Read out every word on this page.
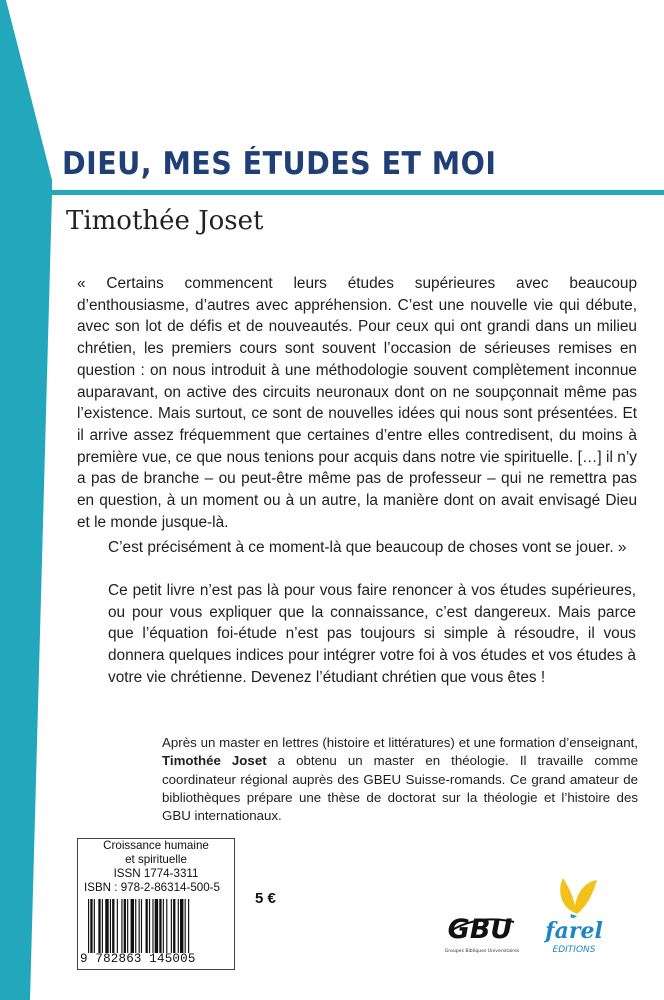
DIEU, MES ÉTUDES ET MOI
Timothée Joset

« Certains commencent leurs études supérieures avec beaucoup d’enthousiasme, d’autres avec appréhension. C’est une nouvelle vie qui débute, avec son lot de défis et de nouveautés. Pour ceux qui ont grandi dans un milieu chrétien, les premiers cours sont souvent l’occasion de sérieuses remises en question : on nous introduit à une méthodologie souvent complètement inconnue auparavant, on active des circuits neuronaux dont on ne soupçonnait même pas l’existence. Mais surtout, ce sont de nouvelles idées qui nous sont présentées. Et il arrive assez fréquemment que certaines d’entre elles contredisent, du moins à première vue, ce que nous tenions pour acquis dans notre vie spirituelle. […] il n’y a pas de branche – ou peut-être même pas de professeur – qui ne remettra pas en question, à un moment ou à un autre, la manière dont on avait envisagé Dieu et le monde jusque-là.

C’est précisément à ce moment-là que beaucoup de choses vont se jouer. »

Ce petit livre n’est pas là pour vous faire renoncer à vos études supérieures, ou pour vous expliquer que la connaissance, c’est dangereux. Mais parce que l’équation foi-étude n’est pas toujours si simple à résoudre, il vous donnera quelques indices pour intégrer votre foi à vos études et vos études à votre vie chrétienne. Devenez l’étudiant chrétien que vous êtes !

Après un master en lettres (histoire et littératures) et une formation d’enseignant, Timothée Joset a obtenu un master en théologie. Il travaille comme coordinateur régional auprès des GBEU Suisse-romands. Ce grand amateur de bibliothèques prépare une thèse de doctorat sur la théologie et l’histoire des GBU internationaux.

Croissance humaine
et spirituelle
ISSN 1774-3311
ISBN : 978-2-86314-500-5
9 782863 145005
5 €
GBU
Groupes Bibliques Universitaires
farel
EDITIONS
